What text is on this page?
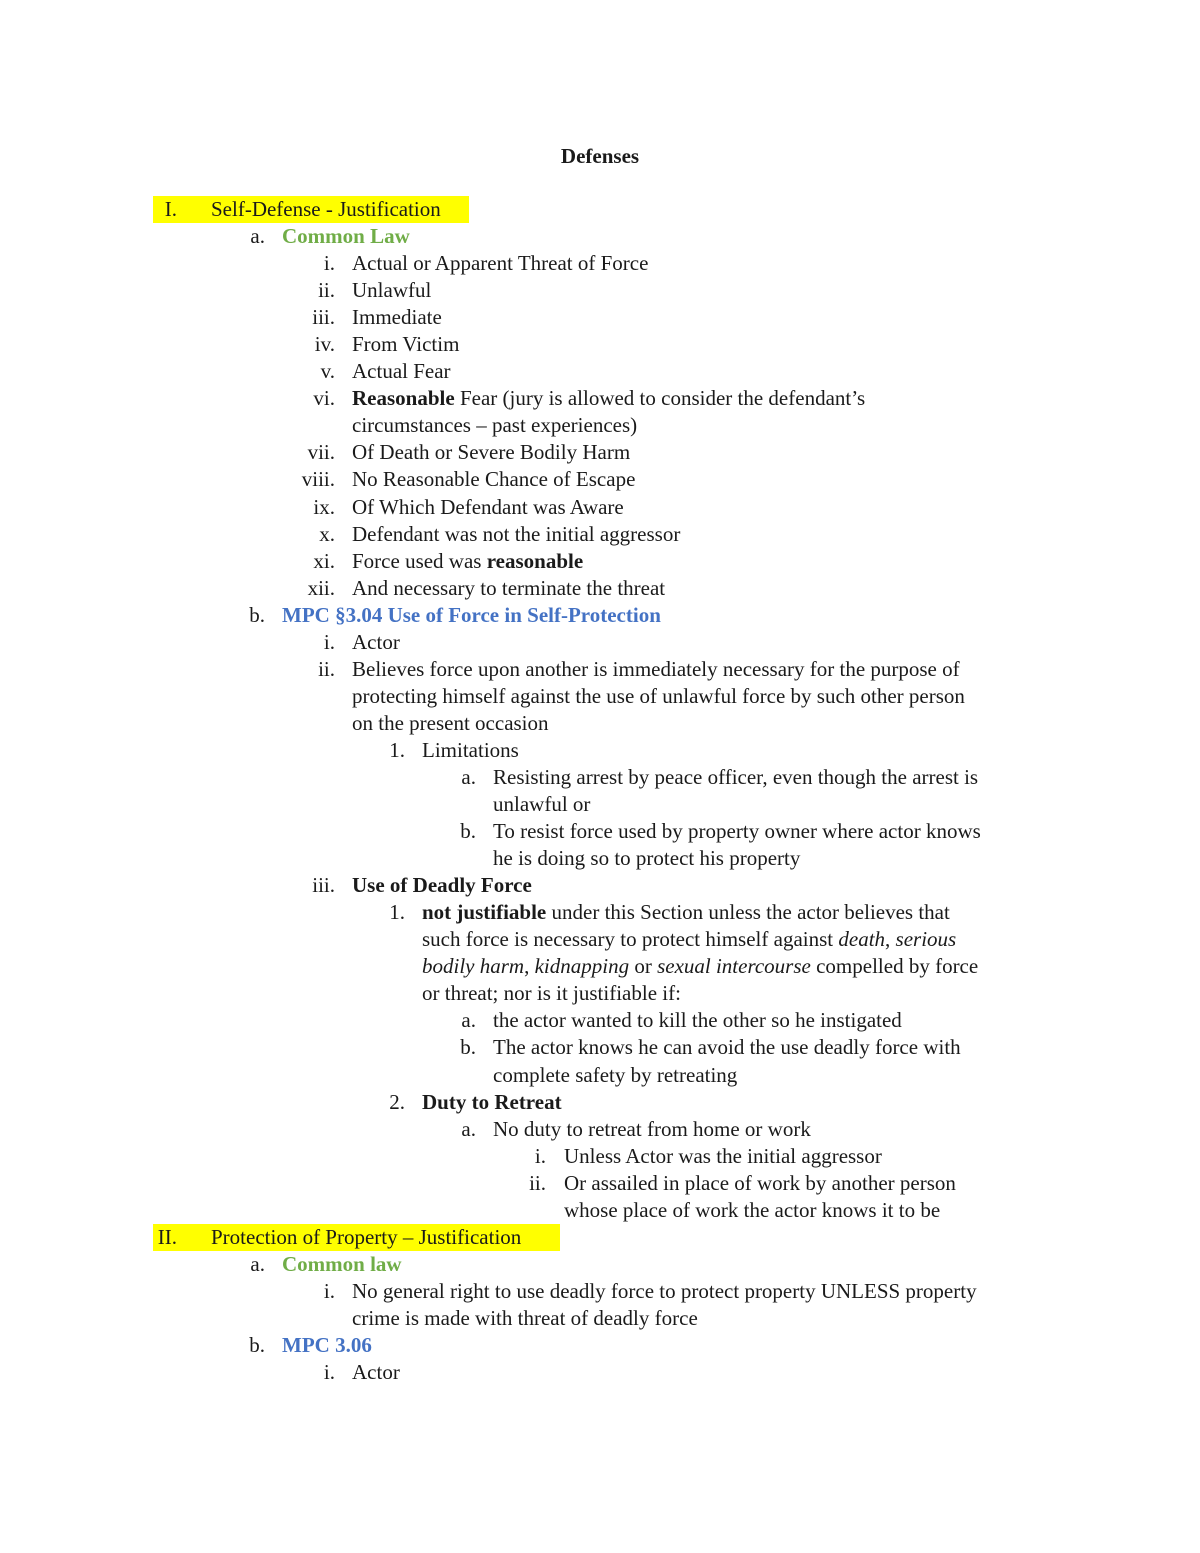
Defenses
I. Self-Defense - Justification
a. Common Law
i. Actual or Apparent Threat of Force
ii. Unlawful
iii. Immediate
iv. From Victim
v. Actual Fear
vi. Reasonable Fear (jury is allowed to consider the defendant’s
circumstances – past experiences)
vii. Of Death or Severe Bodily Harm
viii. No Reasonable Chance of Escape
ix. Of Which Defendant was Aware
x. Defendant was not the initial aggressor
xi. Force used was reasonable
xii. And necessary to terminate the threat
b. MPC §3.04 Use of Force in Self-Protection
i. Actor
ii. Believes force upon another is immediately necessary for the purpose of
protecting himself against the use of unlawful force by such other person
on the present occasion
1. Limitations
a. Resisting arrest by peace officer, even though the arrest is
unlawful or
b. To resist force used by property owner where actor knows
he is doing so to protect his property
iii. Use of Deadly Force
1. not justifiable under this Section unless the actor believes that
such force is necessary to protect himself against death, serious
bodily harm, kidnapping or sexual intercourse compelled by force
or threat; nor is it justifiable if:
a. the actor wanted to kill the other so he instigated
b. The actor knows he can avoid the use deadly force with
complete safety by retreating
2. Duty to Retreat
a. No duty to retreat from home or work
i. Unless Actor was the initial aggressor
ii. Or assailed in place of work by another person
whose place of work the actor knows it to be
II. Protection of Property – Justification
a. Common law
i. No general right to use deadly force to protect property UNLESS property
crime is made with threat of deadly force
b. MPC 3.06
i. Actor
